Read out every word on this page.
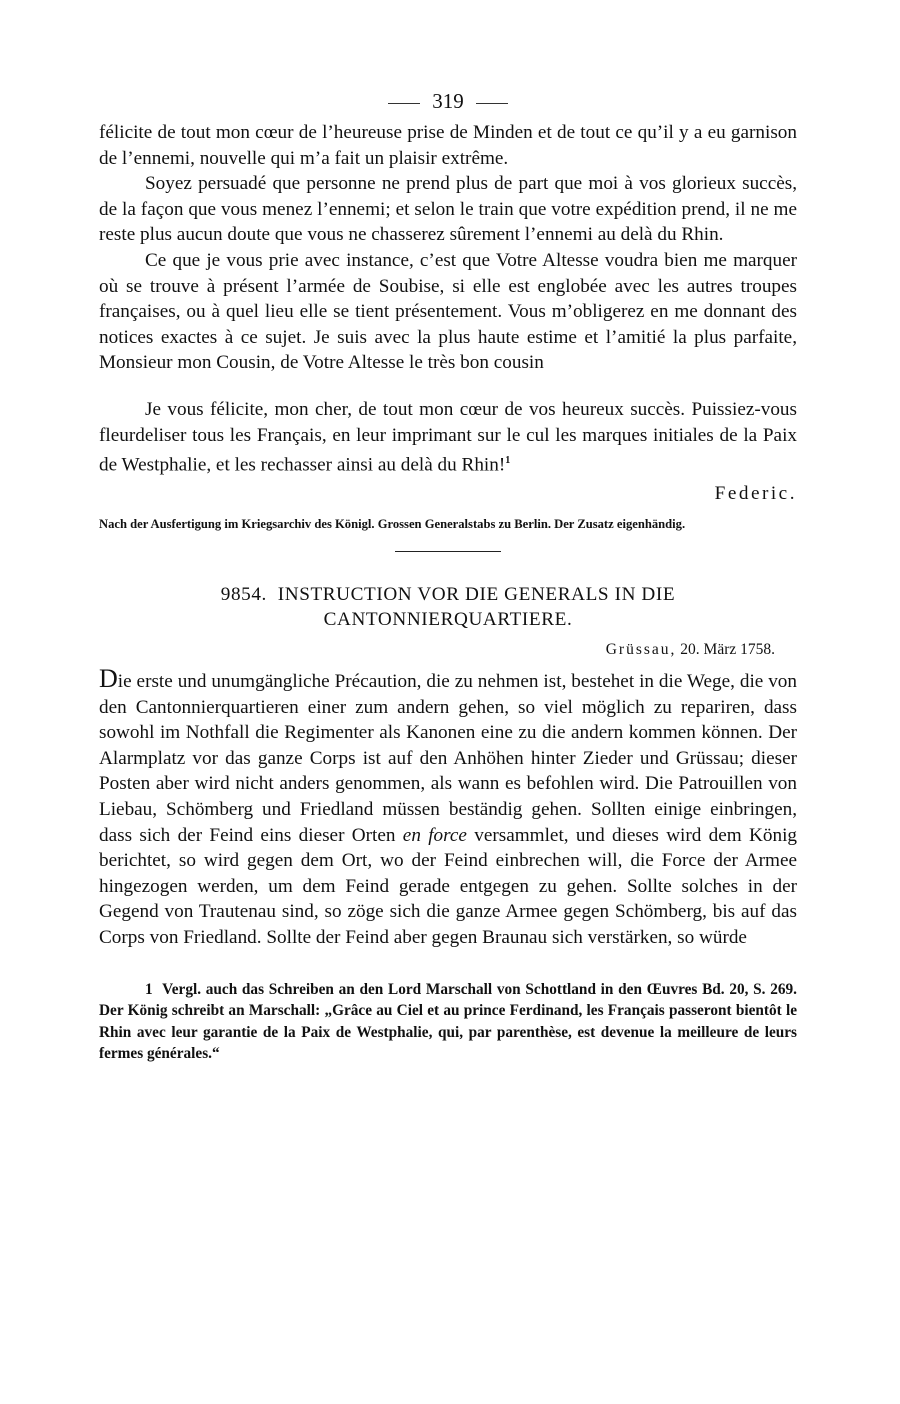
319

félicite de tout mon cœur de l’heureuse prise de Minden et de tout ce qu’il y a eu garnison de l’ennemi, nouvelle qui m’a fait un plaisir extrême.

Soyez persuadé que personne ne prend plus de part que moi à vos glorieux succès, de la façon que vous menez l’ennemi; et selon le train que votre expédition prend, il ne me reste plus aucun doute que vous ne chasserez sûrement l’ennemi au delà du Rhin.

Ce que je vous prie avec instance, c’est que Votre Altesse voudra bien me marquer où se trouve à présent l’armée de Soubise, si elle est englobée avec les autres troupes françaises, ou à quel lieu elle se tient présentement. Vous m’obligerez en me donnant des notices exactes à ce sujet. Je suis avec la plus haute estime et l’amitié la plus parfaite, Monsieur mon Cousin, de Votre Altesse le très bon cousin

Je vous félicite, mon cher, de tout mon cœur de vos heureux succès. Puissiez-vous fleurdeliser tous les Français, en leur imprimant sur le cul les marques initiales de la Paix de Westphalie, et les rechasser ainsi au delà du Rhin!$^1$

Federic.

Nach der Ausfertigung im Kriegsarchiv des Königl. Grossen Generalstabs zu Berlin. Der Zusatz eigenhändig.

9854. INSTRUCTION VOR DIE GENERALS IN DIE CANTONNIERQUARTIERE.
Grüssau, 20. März 1758.

Die erste und unumgängliche Précaution, die zu nehmen ist, bestehet in die Wege, die von den Cantonnierquartieren einer zum andern gehen, so viel möglich zu repariren, dass sowohl im Nothfall die Regimenter als Kanonen eine zu die andern kommen können. Der Alarmplatz vor das ganze Corps ist auf den Anhöhen hinter Zieder und Grüssau; dieser Posten aber wird nicht anders genommen, als wann es befohlen wird. Die Patrouillen von Liebau, Schömberg und Friedland müssen beständig gehen. Sollten einige einbringen, dass sich der Feind eins dieser Orten en force versammlet, und dieses wird dem König berichtet, so wird gegen dem Ort, wo der Feind einbrechen will, die Force der Armee hingezogen werden, um dem Feind gerade entgegen zu gehen. Sollte solches in der Gegend von Trautenau sind, so zöge sich die ganze Armee gegen Schömberg, bis auf das Corps von Friedland. Sollte der Feind aber gegen Braunau sich verstärken, so würde

1 Vergl. auch das Schreiben an den Lord Marschall von Schottland in den Œuvres Bd. 20, S. 269. Der König schreibt an Marschall: „Grâce au Ciel et au prince Ferdinand, les Français passeront bientôt le Rhin avec leur garantie de la Paix de Westphalie, qui, par parenthèse, est devenue la meilleure de leurs fermes générales.“
